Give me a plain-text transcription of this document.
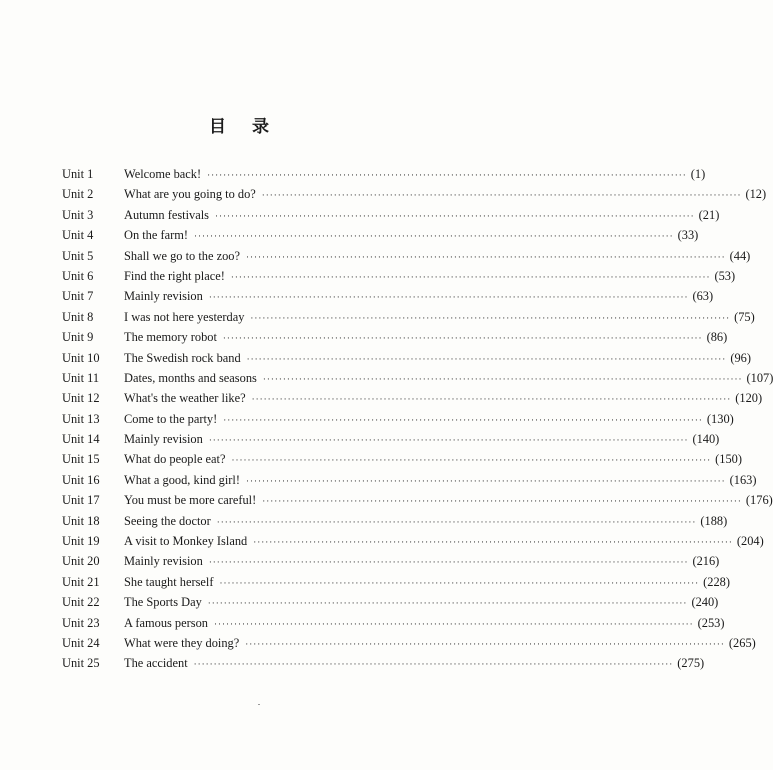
目录
Unit 1 Welcome back! ························································································································ (1)
Unit 2 What are you going to do? ························································································································ (12)
Unit 3 Autumn festivals ························································································································ (21)
Unit 4 On the farm! ························································································································ (33)
Unit 5 Shall we go to the zoo? ························································································································ (44)
Unit 6 Find the right place! ························································································································ (53)
Unit 7 Mainly revision ························································································································ (63)
Unit 8 I was not here yesterday ························································································································ (75)
Unit 9 The memory robot ························································································································ (86)
Unit 10 The Swedish rock band ························································································································ (96)
Unit 11 Dates, months and seasons ························································································································ (107)
Unit 12 What's the weather like? ························································································································ (120)
Unit 13 Come to the party! ························································································································ (130)
Unit 14 Mainly revision ························································································································ (140)
Unit 15 What do people eat? ························································································································ (150)
Unit 16 What a good, kind girl! ························································································································ (163)
Unit 17 You must be more careful! ························································································································ (176)
Unit 18 Seeing the doctor ························································································································ (188)
Unit 19 A visit to Monkey Island ························································································································ (204)
Unit 20 Mainly revision ························································································································ (216)
Unit 21 She taught herself ························································································································ (228)
Unit 22 The Sports Day ························································································································ (240)
Unit 23 A famous person ························································································································ (253)
Unit 24 What were they doing? ························································································································ (265)
Unit 25 The accident ························································································································ (275)
